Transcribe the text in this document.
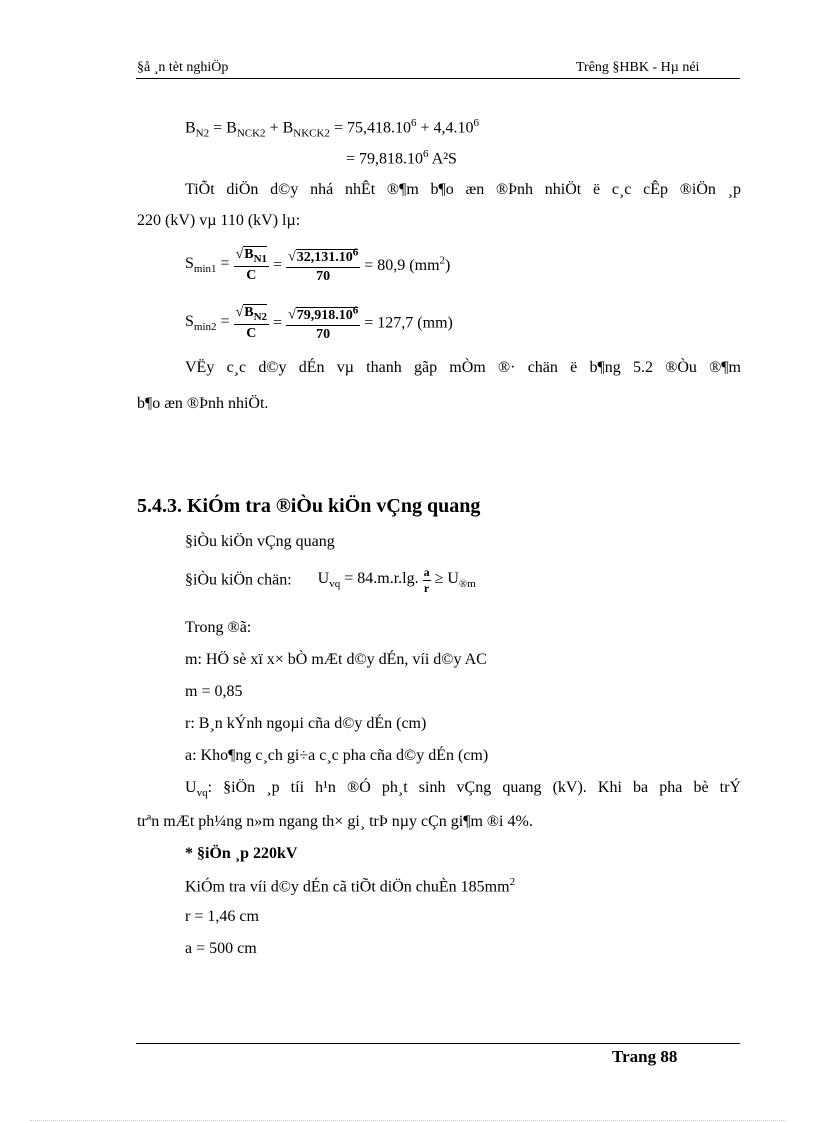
§å ¸n tèt nghiÖp	Trêng §HBK - Hµ néi
$B_{N2} = B_{NCK2} + B_{NKCK2} = 75,418.10^6 + 4,4.10^6$
= $79,818.10^6$ A²S
TiÕt diÖn d©y nhá nhÊt ®¶m b¶o æn ®Þnh nhiÖt ë c¸c cÊp ®iÖn ¸p
220 (kV) vµ 110 (kV) lµ:
$S_{min1} = \frac{√B_{N1}}{C} = \frac{√32,131.10^6}{70} = 80,9$ $(mm^2)$
$S_{min2} = \frac{√B_{N2}}{C} = \frac{√79,918.10^6}{70} = 127,7$ (mm)
VËy c¸c d©y dÉn vµ thanh gãp mÒm ®· chän ë b¶ng 5.2 ®Òu ®¶m
b¶o æn ®Þnh nhiÖt.
5.4.3. KiÓm tra ®iÒu kiÖn vÇng quang
§iÒu kiÖn vÇng quang
§iÒu kiÖn chän: $U_{vq} = 84.m.r.\lg$. $\frac{a}{r} \ge U_{®m}$
Trong ®ã:
m: HÖ sè xï x× bÒ mÆt d©y dÉn, víi d©y AC
m = 0,85
r: B¸n kÝnh ngoµi cña d©y dÉn (cm)
a: Kho¶ng c¸ch gi÷a c¸c pha cña d©y dÉn (cm)
$U_{vq}$: §iÖn ¸p tíi h¹n ®Ó ph¸t sinh vÇng quang (kV). Khi ba pha bè trÝ
trªn mÆt ph¼ng n»m ngang th× gi¸ trÞ nµy cÇn gi¶m ®i 4%.
* §iÖn ¸p 220kV
KiÓm tra víi d©y dÉn cã tiÕt diÖn chuÈn $185mm^2$
r = 1,46 cm
a = 500 cm
Trang 88
